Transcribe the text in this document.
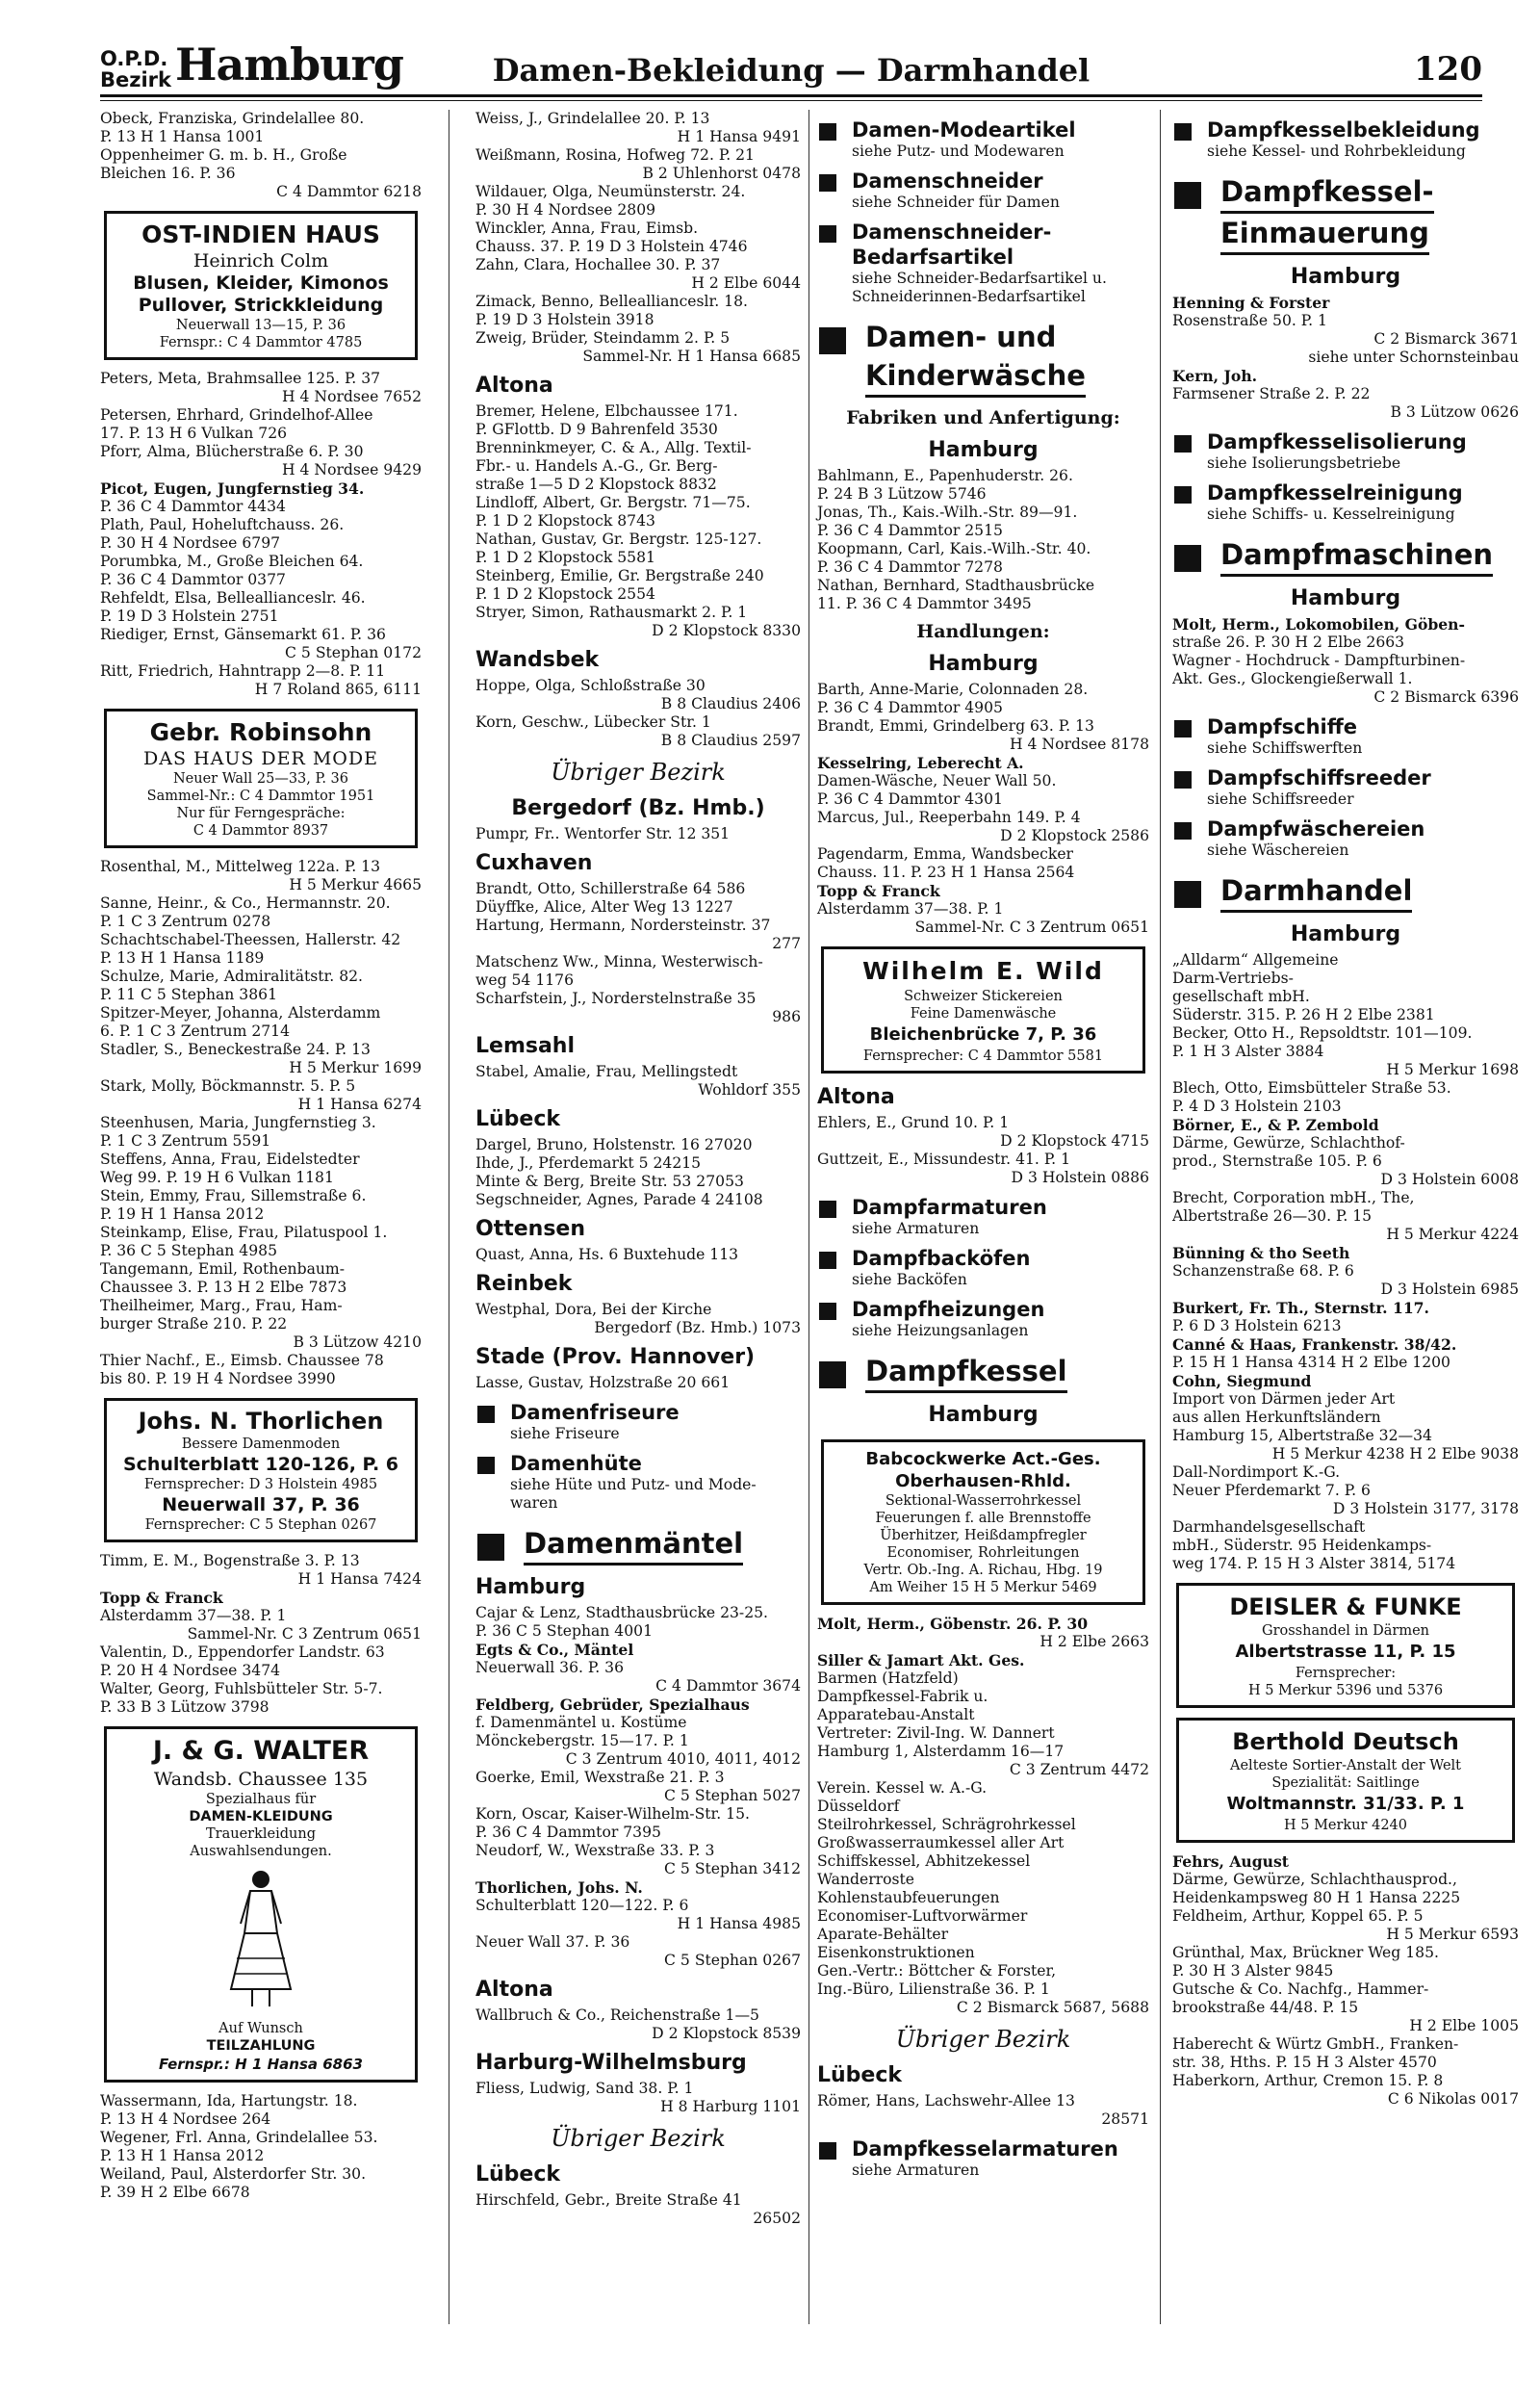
O.P.D.
Bezirk Hamburg	Damen-Bekleidung — Darmhandel	120
Obeck, Franziska, Grindelallee 80.
P. 13 H 1 Hansa 1001
Oppenheimer G. m. b. H., Große
Bleichen 16. P. 36
C 4 Dammtor 6218

OST-INDIEN HAUS

Heinrich Colm

Blusen, Kleider, Kimonos

Pullover, Strickkleidung

Neuerwall 13—15, P. 36

Fernspr.: C 4 Dammtor 4785

Peters, Meta, Brahmsallee 125. P. 37
H 4 Nordsee 7652
Petersen, Ehrhard, Grindelhof-Allee
17. P. 13 H 6 Vulkan 726
Pforr, Alma, Blücherstraße 6. P. 30
H 4 Nordsee 9429
Picot, Eugen, Jungfernstieg 34.
P. 36 C 4 Dammtor 4434
Plath, Paul, Hoheluftchauss. 26.
P. 30 H 4 Nordsee 6797
Porumbka, M., Große Bleichen 64.
P. 36 C 4 Dammtor 0377
Rehfeldt, Elsa, Belleallianceslr. 46.
P. 19 D 3 Holstein 2751
Riediger, Ernst, Gänsemarkt 61. P. 36
C 5 Stephan 0172
Ritt, Friedrich, Hahntrapp 2—8. P. 11
H 7 Roland 865, 6111

Gebr. Robinsohn

DAS HAUS DER MODE

Neuer Wall 25—33, P. 36

Sammel-Nr.: C 4 Dammtor 1951

Nur für Ferngespräche:

C 4 Dammtor 8937

Rosenthal, M., Mittelweg 122a. P. 13
H 5 Merkur 4665
Sanne, Heinr., & Co., Hermannstr. 20.
P. 1 C 3 Zentrum 0278
Schachtschabel-Theessen, Hallerstr. 42
P. 13 H 1 Hansa 1189
Schulze, Marie, Admiralitätstr. 82.
P. 11 C 5 Stephan 3861
Spitzer-Meyer, Johanna, Alsterdamm
6. P. 1 C 3 Zentrum 2714
Stadler, S., Beneckestraße 24. P. 13
H 5 Merkur 1699
Stark, Molly, Böckmannstr. 5. P. 5
H 1 Hansa 6274
Steenhusen, Maria, Jungfernstieg 3.
P. 1 C 3 Zentrum 5591
Steffens, Anna, Frau, Eidelstedter
Weg 99. P. 19 H 6 Vulkan 1181
Stein, Emmy, Frau, Sillemstraße 6.
P. 19 H 1 Hansa 2012
Steinkamp, Elise, Frau, Pilatuspool 1.
P. 36 C 5 Stephan 4985
Tangemann, Emil, Rothenbaum-
Chaussee 3. P. 13 H 2 Elbe 7873
Theilheimer, Marg., Frau, Ham-
burger Straße 210. P. 22
B 3 Lützow 4210
Thier Nachf., E., Eimsb. Chaussee 78
bis 80. P. 19 H 4 Nordsee 3990

Johs. N. Thorlichen

Bessere Damenmoden

Schulterblatt 120-126, P. 6

Fernsprecher: D 3 Holstein 4985

Neuerwall 37, P. 36

Fernsprecher: C 5 Stephan 0267

Timm, E. M., Bogenstraße 3. P. 13
H 1 Hansa 7424
Topp & Franck
Alsterdamm 37—38. P. 1
Sammel-Nr. C 3 Zentrum 0651
Valentin, D., Eppendorfer Landstr. 63
P. 20 H 4 Nordsee 3474
Walter, Georg, Fuhlsbütteler Str. 5-7.
P. 33 B 3 Lützow 3798

J. & G. WALTER

Wandsb. Chaussee 135

Spezialhaus für

DAMEN-KLEIDUNG

Trauerkleidung

Auswahlsendungen.

Auf Wunsch

TEILZAHLUNG

Fernspr.: H 1 Hansa 6863

Wassermann, Ida, Hartungstr. 18.
P. 13 H 4 Nordsee 264
Wegener, Frl. Anna, Grindelallee 53.
P. 13 H 1 Hansa 2012
Weiland, Paul, Alsterdorfer Str. 30.
P. 39 H 2 Elbe 6678
Weiss, J., Grindelallee 20. P. 13
H 1 Hansa 9491
Weißmann, Rosina, Hofweg 72. P. 21
B 2 Uhlenhorst 0478
Wildauer, Olga, Neumünsterstr. 24.
P. 30 H 4 Nordsee 2809
Winckler, Anna, Frau, Eimsb.
Chauss. 37. P. 19 D 3 Holstein 4746
Zahn, Clara, Hochallee 30. P. 37
H 2 Elbe 6044
Zimack, Benno, Belleallianceslr. 18.
P. 19 D 3 Holstein 3918
Zweig, Brüder, Steindamm 2. P. 5
Sammel-Nr. H 1 Hansa 6685
Altona
Bremer, Helene, Elbchaussee 171.
P. GFlottb. D 9 Bahrenfeld 3530
Brenninkmeyer, C. & A., Allg. Textil-
Fbr.- u. Handels A.-G., Gr. Berg-
straße 1—5 D 2 Klopstock 8832
Lindloff, Albert, Gr. Bergstr. 71—75.
P. 1 D 2 Klopstock 8743
Nathan, Gustav, Gr. Bergstr. 125-127.
P. 1 D 2 Klopstock 5581
Steinberg, Emilie, Gr. Bergstraße 240
P. 1 D 2 Klopstock 2554
Stryer, Simon, Rathausmarkt 2. P. 1
D 2 Klopstock 8330
Wandsbek
Hoppe, Olga, Schloßstraße 30
B 8 Claudius 2406
Korn, Geschw., Lübecker Str. 1
B 8 Claudius 2597
Übriger Bezirk
Bergedorf (Bz. Hmb.)
Pumpr, Fr.. Wentorfer Str. 12 351
Cuxhaven
Brandt, Otto, Schillerstraße 64 586
Düyffke, Alice, Alter Weg 13 1227
Hartung, Hermann, Nordersteinstr. 37
277
Matschenz Ww., Minna, Westerwisch-
weg 54 1176
Scharfstein, J., Norderstelnstraße 35
986
Lemsahl
Stabel, Amalie, Frau, Mellingstedt
Wohldorf 355
Lübeck
Dargel, Bruno, Holstenstr. 16 27020
Ihde, J., Pferdemarkt 5 24215
Minte & Berg, Breite Str. 53 27053
Segschneider, Agnes, Parade 4 24108
Ottensen
Quast, Anna, Hs. 6 Buxtehude 113
Reinbek
Westphal, Dora, Bei der Kirche
Bergedorf (Bz. Hmb.) 1073
Stade (Prov. Hannover)
Lasse, Gustav, Holzstraße 20 661
Damenfriseure
siehe Friseure
Damenhüte
siehe Hüte und Putz- und Mode-waren
Damenmäntel
Hamburg
Cajar & Lenz, Stadthausbrücke 23-25.
P. 36 C 5 Stephan 4001
Egts & Co., Mäntel
Neuerwall 36. P. 36
C 4 Dammtor 3674
Feldberg, Gebrüder, Spezialhaus
f. Damenmäntel u. Kostüme
Mönckebergstr. 15—17. P. 1
C 3 Zentrum 4010, 4011, 4012
Goerke, Emil, Wexstraße 21. P. 3
C 5 Stephan 5027
Korn, Oscar, Kaiser-Wilhelm-Str. 15.
P. 36 C 4 Dammtor 7395
Neudorf, W., Wexstraße 33. P. 3
C 5 Stephan 3412
Thorlichen, Johs. N.
Schulterblatt 120—122. P. 6
H 1 Hansa 4985
Neuer Wall 37. P. 36
C 5 Stephan 0267
Altona
Wallbruch & Co., Reichenstraße 1—5
D 2 Klopstock 8539
Harburg-Wilhelmsburg
Fliess, Ludwig, Sand 38. P. 1
H 8 Harburg 1101
Übriger Bezirk
Lübeck
Hirschfeld, Gebr., Breite Straße 41
26502
Damen-Modeartikel
siehe Putz- und Modewaren
Damenschneider
siehe Schneider für Damen
Damenschneider-Bedarfsartikel
siehe Schneider-Bedarfsartikel u. Schneiderinnen-Bedarfsartikel
Damen- und
Kinderwäsche
Fabriken und Anfertigung:
Hamburg
Bahlmann, E., Papenhuderstr. 26.
P. 24 B 3 Lützow 5746
Jonas, Th., Kais.-Wilh.-Str. 89—91.
P. 36 C 4 Dammtor 2515
Koopmann, Carl, Kais.-Wilh.-Str. 40.
P. 36 C 4 Dammtor 7278
Nathan, Bernhard, Stadthausbrücke
11. P. 36 C 4 Dammtor 3495
Handlungen:
Hamburg
Barth, Anne-Marie, Colonnaden 28.
P. 36 C 4 Dammtor 4905
Brandt, Emmi, Grindelberg 63. P. 13
H 4 Nordsee 8178
Kesselring, Leberecht A.
Damen-Wäsche, Neuer Wall 50.
P. 36 C 4 Dammtor 4301
Marcus, Jul., Reeperbahn 149. P. 4
D 2 Klopstock 2586
Pagendarm, Emma, Wandsbecker
Chauss. 11. P. 23 H 1 Hansa 2564
Topp & Franck
Alsterdamm 37—38. P. 1
Sammel-Nr. C 3 Zentrum 0651

Wilhelm E. Wild

Schweizer Stickereien

Feine Damenwäsche

Bleichenbrücke 7, P. 36

Fernsprecher: C 4 Dammtor 5581

Altona
Ehlers, E., Grund 10. P. 1
D 2 Klopstock 4715
Guttzeit, E., Missundestr. 41. P. 1
D 3 Holstein 0886
Dampfarmaturen
siehe Armaturen
Dampfbacköfen
siehe Backöfen
Dampfheizungen
siehe Heizungsanlagen
Dampfkessel
Hamburg

Babcockwerke Act.-Ges.

Oberhausen-Rhld.

Sektional-Wasserrohrkessel

Feuerungen f. alle Brennstoffe

Überhitzer, Heißdampfregler

Economiser, Rohrleitungen

Vertr. Ob.-Ing. A. Richau, Hbg. 19

Am Weiher 15 H 5 Merkur 5469

Molt, Herm., Göbenstr. 26. P. 30
H 2 Elbe 2663
Siller & Jamart Akt. Ges.
Barmen (Hatzfeld)
Dampfkessel-Fabrik u.
Apparatebau-Anstalt
Vertreter: Zivil-Ing. W. Dannert
Hamburg 1, Alsterdamm 16—17
C 3 Zentrum 4472
Verein. Kessel w. A.-G.
Düsseldorf
Steilrohrkessel, Schrägrohrkessel
Großwasserraumkessel aller Art
Schiffskessel, Abhitzekessel
Wanderroste
Kohlenstaubfeuerungen
Economiser-Luftvorwärmer
Aparate-Behälter
Eisenkonstruktionen
Gen.-Vertr.: Böttcher & Forster,
Ing.-Büro, Lilienstraße 36. P. 1
C 2 Bismarck 5687, 5688
Übriger Bezirk
Lübeck
Römer, Hans, Lachswehr-Allee 13
28571
Dampfkesselarmaturen
siehe Armaturen
Dampfkesselbekleidung
siehe Kessel- und Rohrbekleidung
Dampfkessel-
Einmauerung
Hamburg
Henning & Forster
Rosenstraße 50. P. 1
C 2 Bismarck 3671
siehe unter Schornsteinbau
Kern, Joh.
Farmsener Straße 2. P. 22
B 3 Lützow 0626
Dampfkesselisolierung
siehe Isolierungsbetriebe
Dampfkesselreinigung
siehe Schiffs- u. Kesselreinigung
Dampfmaschinen
Hamburg
Molt, Herm., Lokomobilen, Göben-
straße 26. P. 30 H 2 Elbe 2663
Wagner - Hochdruck - Dampfturbinen-
Akt. Ges., Glockengießerwall 1.
C 2 Bismarck 6396
Dampfschiffe
siehe Schiffswerften
Dampfschiffsreeder
siehe Schiffsreeder
Dampfwäschereien
siehe Wäschereien
Darmhandel
Hamburg
„Alldarm“ Allgemeine
Darm-Vertriebs-
gesellschaft mbH.
Süderstr. 315. P. 26 H 2 Elbe 2381
Becker, Otto H., Repsoldtstr. 101—109.
P. 1 H 3 Alster 3884
H 5 Merkur 1698
Blech, Otto, Eimsbütteler Straße 53.
P. 4 D 3 Holstein 2103
Börner, E., & P. Zembold
Därme, Gewürze, Schlachthof-
prod., Sternstraße 105. P. 6
D 3 Holstein 6008
Brecht, Corporation mbH., The,
Albertstraße 26—30. P. 15
H 5 Merkur 4224
Bünning & tho Seeth
Schanzenstraße 68. P. 6
D 3 Holstein 6985
Burkert, Fr. Th., Sternstr. 117.
P. 6 D 3 Holstein 6213
Canné & Haas, Frankenstr. 38/42.
P. 15 H 1 Hansa 4314 H 2 Elbe 1200
Cohn, Siegmund
Import von Därmen jeder Art
aus allen Herkunftsländern
Hamburg 15, Albertstraße 32—34
H 5 Merkur 4238 H 2 Elbe 9038
Dall-Nordimport K.-G.
Neuer Pferdemarkt 7. P. 6
D 3 Holstein 3177, 3178
Darmhandelsgesellschaft
mbH., Süderstr. 95 Heidenkamps-
weg 174. P. 15 H 3 Alster 3814, 5174

DEISLER & FUNKE

Grosshandel in Därmen

Albertstrasse 11, P. 15

Fernsprecher:

H 5 Merkur 5396 und 5376

Berthold Deutsch

Aelteste Sortier-Anstalt der Welt

Spezialität: Saitlinge

Woltmannstr. 31/33. P. 1

H 5 Merkur 4240

Fehrs, August
Därme, Gewürze, Schlachthausprod.,
Heidenkampsweg 80 H 1 Hansa 2225
Feldheim, Arthur, Koppel 65. P. 5
H 5 Merkur 6593
Grünthal, Max, Brückner Weg 185.
P. 30 H 3 Alster 9845
Gutsche & Co. Nachfg., Hammer-
brookstraße 44/48. P. 15
H 2 Elbe 1005
Haberecht & Würtz GmbH., Franken-
str. 38, Hths. P. 15 H 3 Alster 4570
Haberkorn, Arthur, Cremon 15. P. 8
C 6 Nikolas 0017
